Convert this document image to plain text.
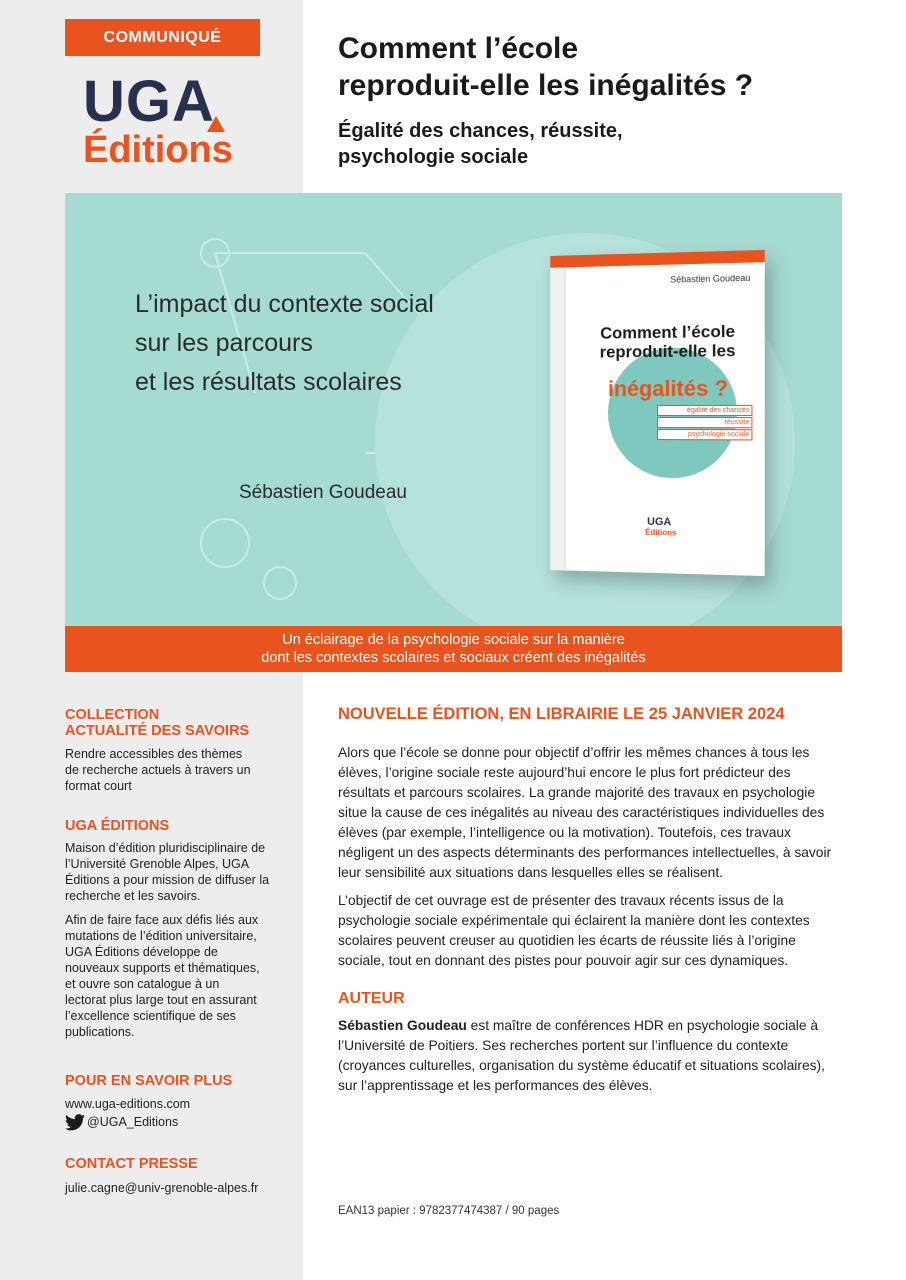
COMMUNIQUÉ
UGA
Éditions
Comment l’école
reproduit-elle les inégalités ?
Égalité des chances, réussite,
psychologie sociale
L’impact du contexte social
sur les parcours
et les résultats scolaires
Sébastien Goudeau
Sébastien Goudeau
Comment l’école reproduit-elle les
inégalités ?
égalité des chances
réussite
psychologie sociale
UGA
Éditions
Un éclairage de la psychologie sociale sur la manière
dont les contextes scolaires et sociaux créent des inégalités
COLLECTION
ACTUALITÉ DES SAVOIRS
Rendre accessibles des thèmes de recherche actuels à travers un format court
UGA ÉDITIONS
Maison d’édition pluridisciplinaire de l’Université Grenoble Alpes, UGA Éditions a pour mission de diffuser la recherche et les savoirs.
Afin de faire face aux défis liés aux mutations de l’édition universitaire, UGA Éditions développe de nouveaux supports et thématiques, et ouvre son catalogue à un lectorat plus large tout en assurant l’excellence scientifique de ses publications.
POUR EN SAVOIR PLUS
www.uga-editions.com
@UGA_Editions
CONTACT PRESSE
julie.cagne@univ-grenoble-alpes.fr
NOUVELLE ÉDITION, EN LIBRAIRIE LE 25 JANVIER 2024
Alors que l’école se donne pour objectif d’offrir les mêmes chances à tous les élèves, l’origine sociale reste aujourd’hui encore le plus fort prédicteur des résultats et parcours scolaires. La grande majorité des travaux en psychologie situe la cause de ces inégalités au niveau des caractéristiques individuelles des élèves (par exemple, l’intelligence ou la motivation). Toutefois, ces travaux négligent un des aspects déterminants des performances intellectuelles, à savoir leur sensibilité aux situations dans lesquelles elles se réalisent.
L’objectif de cet ouvrage est de présenter des travaux récents issus de la psychologie sociale expérimentale qui éclairent la manière dont les contextes scolaires peuvent creuser au quotidien les écarts de réussite liés à l’origine sociale, tout en donnant des pistes pour pouvoir agir sur ces dynamiques.
AUTEUR
Sébastien Goudeau est maître de conférences HDR en psychologie sociale à l’Université de Poitiers. Ses recherches portent sur l’influence du contexte (croyances culturelles, organisation du système éducatif et situations scolaires), sur l’apprentissage et les performances des élèves.
EAN13 papier : 9782377474387 / 90 pages
